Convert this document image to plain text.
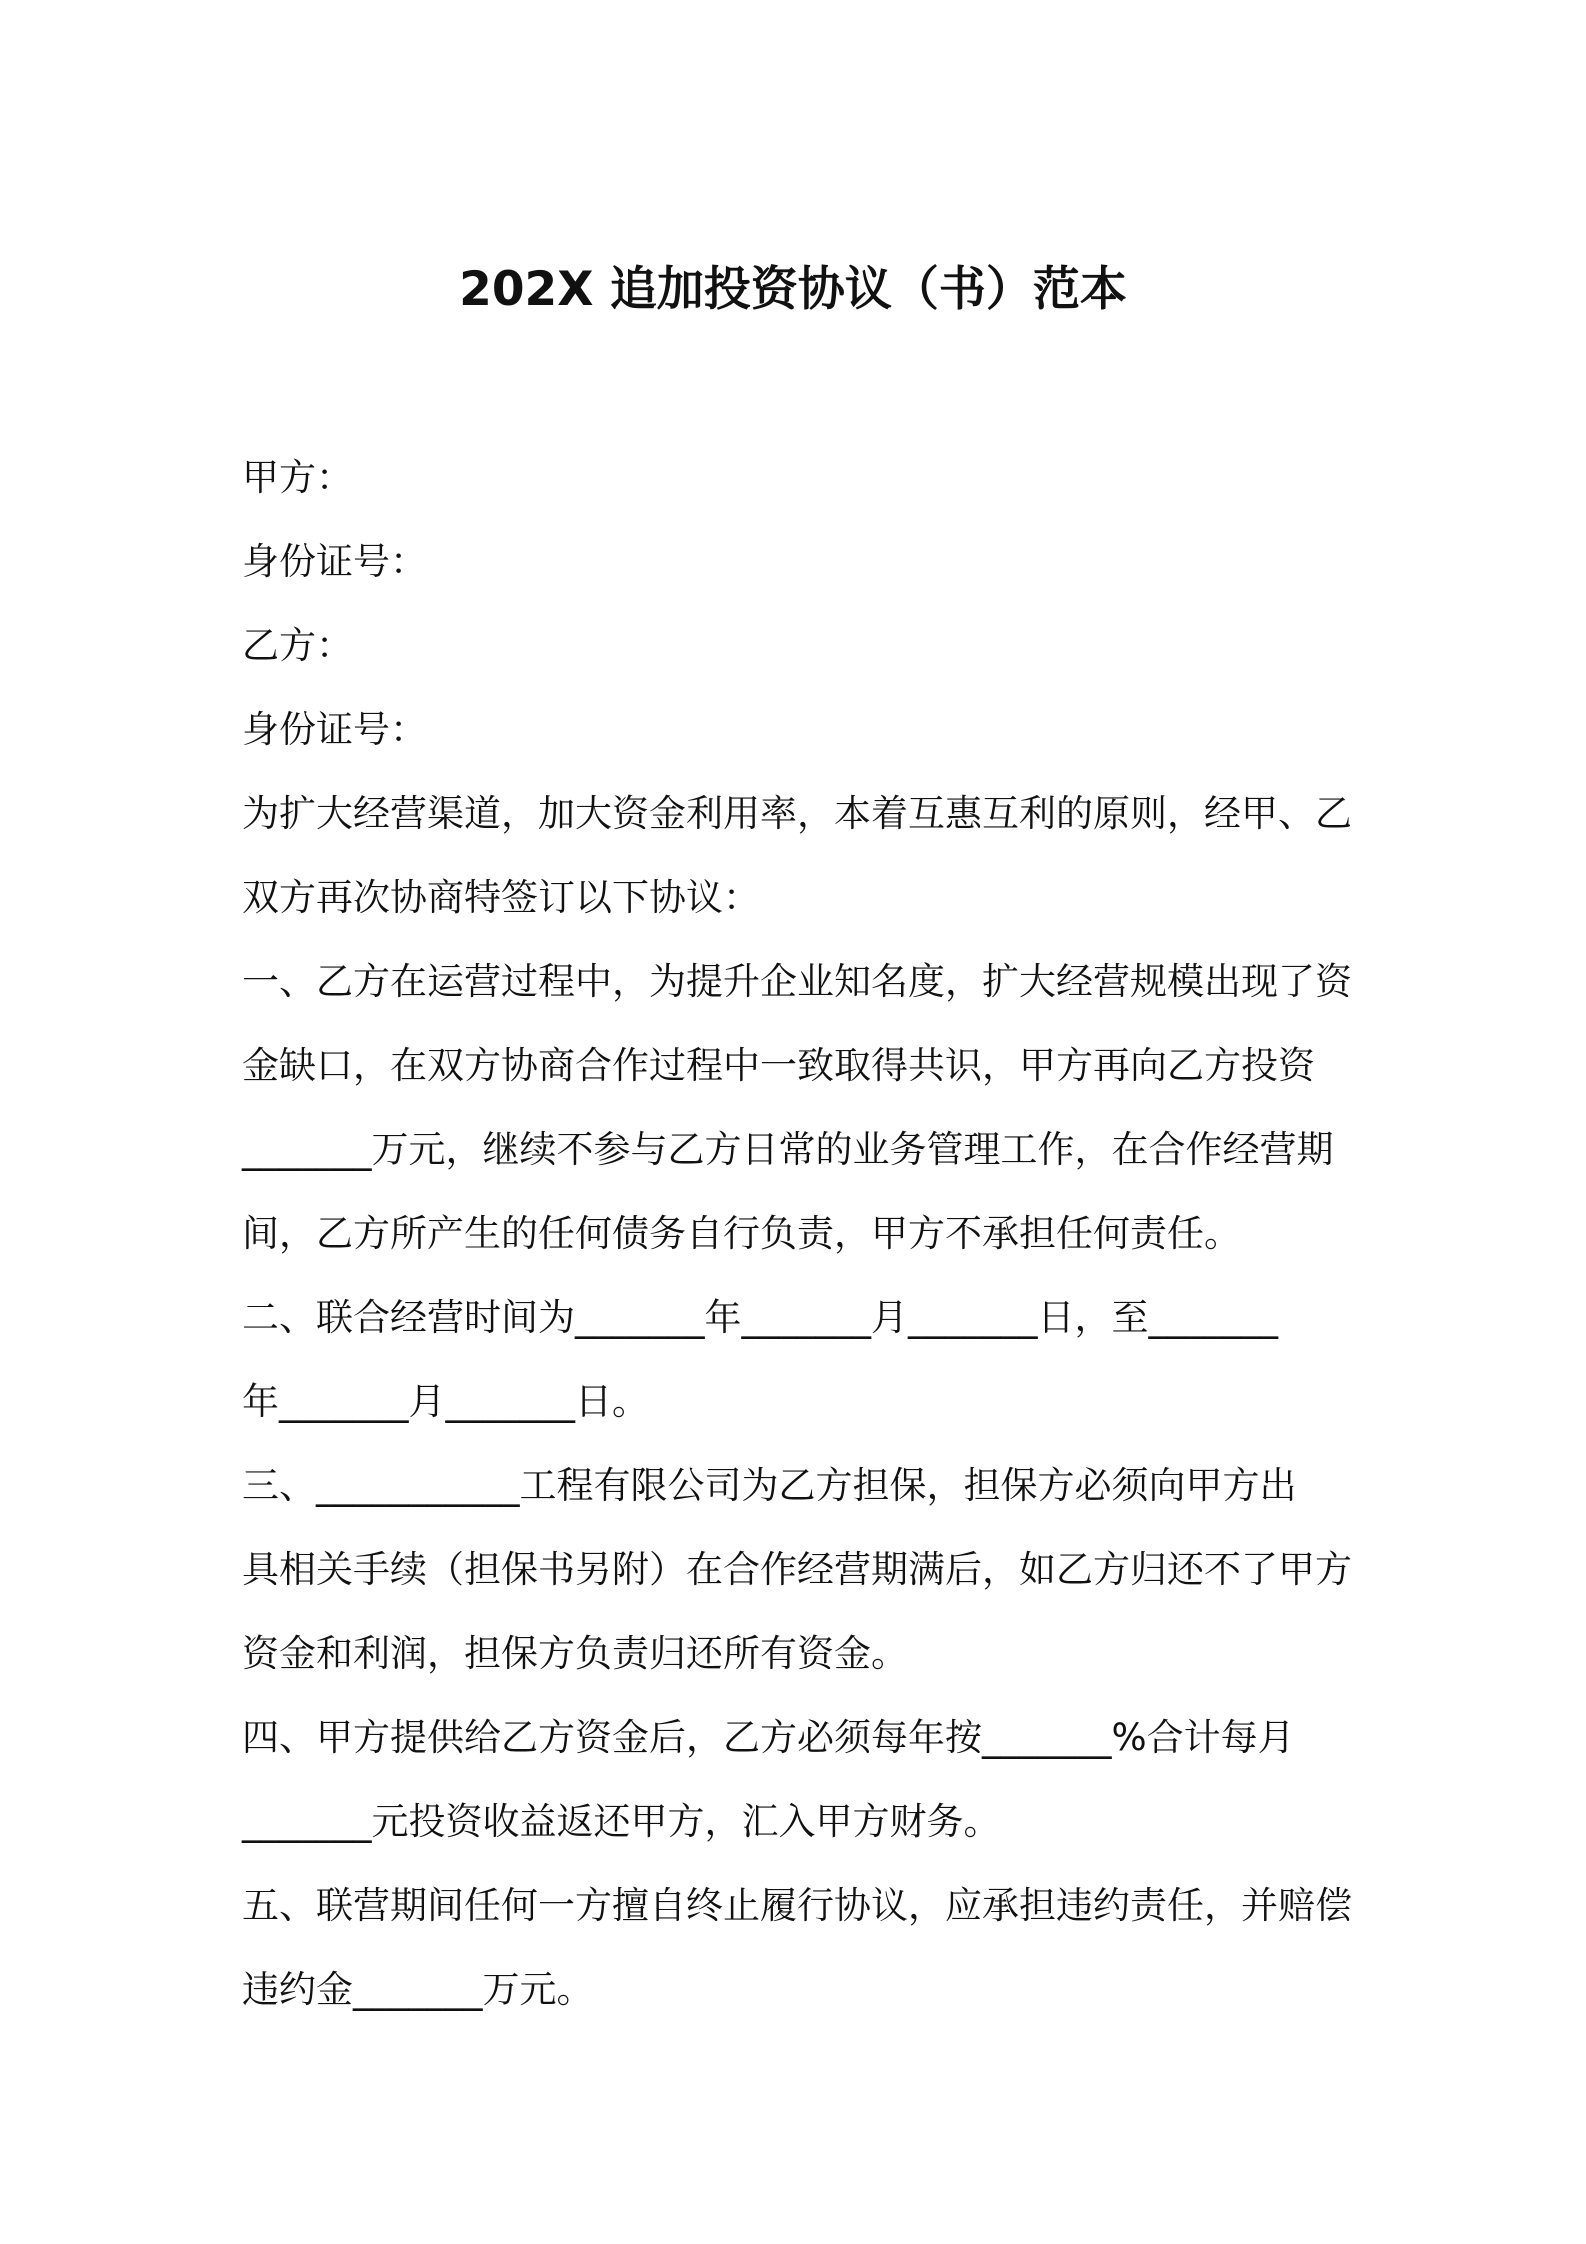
202X 追加投资协议（书）范本
甲方：
身份证号：
乙方：
身份证号：
为扩大经营渠道，加大资金利用率，本着互惠互利的原则，经甲、乙
双方再次协商特签订以下协议：
一、乙方在运营过程中，为提升企业知名度，扩大经营规模出现了资
金缺口，在双方协商合作过程中一致取得共识，甲方再向乙方投资
_______万元，继续不参与乙方日常的业务管理工作，在合作经营期
间，乙方所产生的任何债务自行负责，甲方不承担任何责任。
二、联合经营时间为_______年_______月_______日，至_______
年_______月_______日。
三、___________工程有限公司为乙方担保，担保方必须向甲方出
具相关手续（担保书另附）在合作经营期满后，如乙方归还不了甲方
资金和利润，担保方负责归还所有资金。
四、甲方提供给乙方资金后，乙方必须每年按_______%合计每月
_______元投资收益返还甲方，汇入甲方财务。
五、联营期间任何一方擅自终止履行协议，应承担违约责任，并赔偿
违约金_______万元。
